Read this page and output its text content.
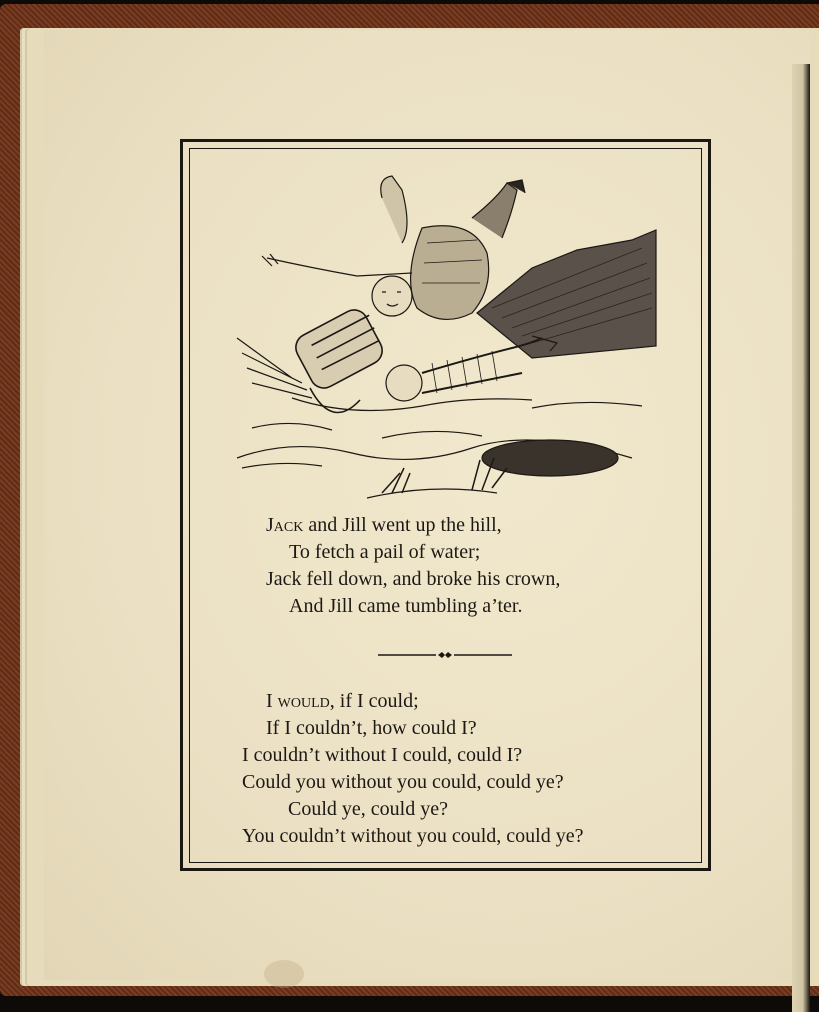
Jack and Jill went up the hill,
To fetch a pail of water;
Jack fell down, and broke his crown,
And Jill came tumbling a’ter.
I would, if I could;
If I couldn’t, how could I?
I couldn’t without I could, could I?
Could you without you could, could ye?
Could ye, could ye?
You couldn’t without you could, could ye?
